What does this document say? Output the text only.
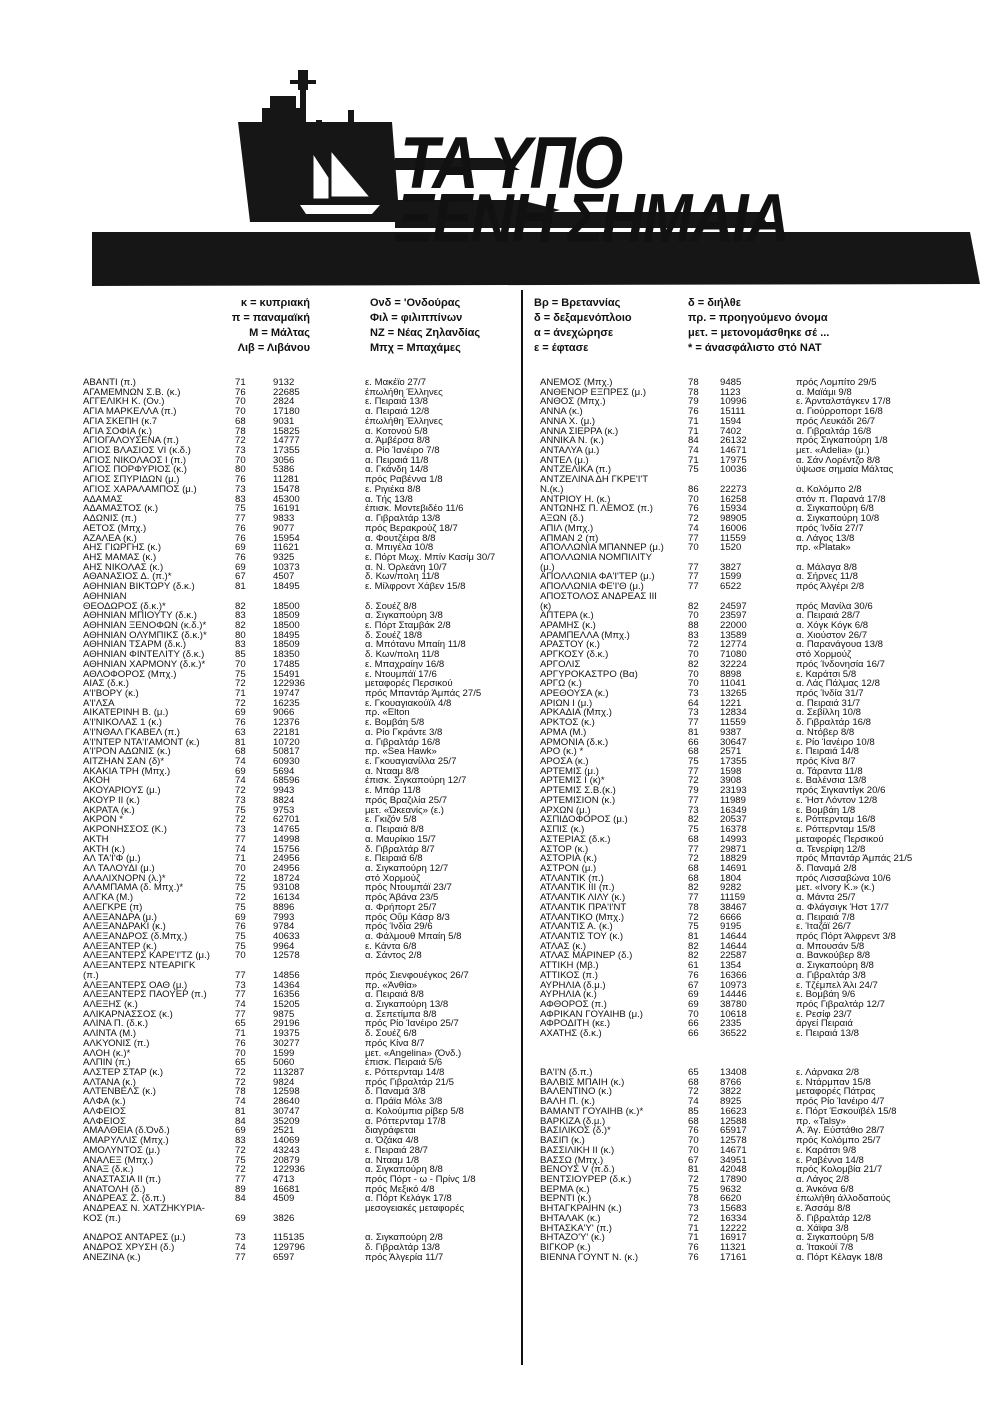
ΤΑ ΥΠΟ
ΞΕΝΗ ΣΗΜΑΙΑ
κ = κυπριακή
π = παναμαϊκή
Μ = Μάλτας
Λιβ = Λιβάνου
Ονδ = 'Ονδούρας
Φιλ = φιλιππίνων
ΝΖ = Νέας Ζηλανδίας
Μπχ = Μπαχάμες
Βρ = Βρεταννίας
δ = δεξαμενόπλοιο
α = άνεχώρησε
ε = έφτασε
δ = διήλθε
πρ. = προηγούμενο όνομα
μετ. = μετονομάσθηκε σέ ...
* = άνασφάλιστο στό ΝΑΤ
ΑΒΑΝΤΙ (π.)	71	9132	ε. Μακέϊο 27/7
ΑΓΑΜΕΜΝΩΝ Σ.Β. (κ.)	76	22685	έπωλήθη Έλληνες
ΑΓΓΕΛΙΚΗ Κ. (Ον.)	70	2824	ε. Πειραιά 13/8
ΑΓΙΑ ΜΑΡΚΕΛΛΑ (π.)	70	17180	α. Πειραιά 12/8
ΑΓΙΑ ΣΚΕΠΗ (κ.7	68	9031	έπωλήθη Έλληνες
ΑΓΙΑ ΣΟΦΙΑ (κ.)	78	15825	α. Κοτονού 5/8
ΑΓΙΟΓΑΛΟΥΣΕΝΑ (π.)	72	14777	α. Άμβέρσα 8/8
ΑΓΙΟΣ ΒΛΑΣΙΟΣ VI (κ.δ.)	73	17355	α. Ρίο Ίανέιρο 7/8
ΑΓΙΟΣ ΝΙΚΟΛΑΟΣ I (π.)	70	3056	α. Πειραιά 11/8
ΑΓΙΟΣ ΠΟΡΦΥΡΙΟΣ (κ.)	80	5386	α. Γκάνδη 14/8
ΑΓΙΟΣ ΣΠΥΡΙΔΩΝ (μ.)	76	11281	πρός Ραβέννα 1/8
ΑΓΙΟΣ ΧΑΡΑΛΑΜΠΟΣ (μ.)	73	15478	ε. Ριγιέκα 8/8
ΑΔΑΜΑΣ	83	45300	α. Τής 13/8
ΑΔΑΜΑΣΤΟΣ (κ.)	75	16191	έπισκ. Μοντεβιδέο 11/6
ΑΔΩΝΙΣ (π.)	77	9833	α. Γιβραλτάρ 13/8
ΑΕΤΟΣ (Μπχ.)	76	9077	πρός Βερακρούζ 18/7
ΑΖΑΛΕΑ (κ.)	76	15954	α. Φουτζέιρα 8/8
ΑΗΣ ΓΙΩΡΓΗΣ (κ.)	69	11621	α. Μπιγέλα 10/8
ΑΗΣ ΜΑΜΑΣ (κ.)	76	9325	ε. Πόρτ Μωχ. Μπίν Κασίμ 30/7
ΑΗΣ ΝΙΚΟΛΑΣ (κ.)	69	10373	α. Ν. Όρλεάνη 10/7
ΑΘΑΝΑΣΙΟΣ Δ. (π.)*	67	4507	δ. Κων/πολη 11/8
ΑΘΗΝΙΑΝ ΒΙΚΤΩΡΥ (δ.κ.)	81	18495	ε. Μίλφροντ Χάβεν 15/8
ΑΘΗΝΙΑΝ
ΘΕΟΔΩΡΟΣ (δ.κ.)*	82	18500	δ. Σουέζ 8/8
ΑΘΗΝΙΑΝ ΜΠΙΟΥΤΥ (δ.κ.)	83	18509	α. Σιγκαπούρη 3/8
ΑΘΗΝΙΑΝ ΞΕΝΟΦΩΝ (κ.δ.)*	82	18500	ε. Πόρτ Σταμβάκ 2/8
ΑΘΗΝΙΑΝ ΟΛΥΜΠΙΚΣ (δ.κ.)*	80	18495	δ. Σουέζ 18/8
ΑΘΗΝΙΑΝ ΤΣΑΡΜ (δ.κ.)	83	18509	α. Μπότανυ Μπαίη 11/8
ΑΘΗΝΙΑΝ ΦΙΝΤΕΛΙΤΥ (δ.κ.)	85	18350	δ. Κων/πολη 11/8
ΑΘΗΝΙΑΝ ΧΑΡΜΟΝΥ (δ.κ.)*	70	17485	ε. Μπαχραίην 16/8
ΑΘΛΟΦΟΡΟΣ (Μπχ.)	75	15491	ε. Ντουμπάϊ 17/6
ΑΙΑΣ (δ.κ.)	72	122936	μεταφορές Περσικού
Α'Ι'ΒΟΡΥ (κ.)	71	19747	πρός Μπαντάρ Άμπάς 27/5
Α'Ι'ΛΣΑ	72	16235	ε. Γκουαγιακούϊλ 4/8
ΑΙΚΑΤΕΡΙΝΗ Β. (μ.)	69	9066	πρ. «Elton
Α'Ι'ΝΙΚΟΛΑΣ 1 (κ.)	76	12376	ε. Βομβάη 5/8
Α'Ι'ΝΘΑΛ ΓΚΑΒΕΛ (π.)	63	22181	α. Ρίο Γκράντε 3/8
Α'Ι'ΝΤΕΡ ΝΤΑ'Ι'ΑΜΟΝΤ (κ.)	81	10720	α. Γιβραλτάρ 16/8
Α'Ι'ΡΟΝ ΑΔΩΝΙΣ (κ.)	68	50817	πρ. «Sea Hawk»
ΑΙΤΖΗΑΝ ΣΑΝ (δ)*	74	60930	ε. Γκουαγιανίλλα 25/7
ΑΚΑΚΙΑ ΤΡΗ (Μπχ.)	69	5694	α. Ντααμ 8/8
ΑΚΟΗ	74	68596	έπισκ. Σιγκαπούρη 12/7
ΑΚΟΥΑΡΙΟΥΣ (μ.)	72	9943	ε. Μπάρ 11/8
ΑΚΟΥΡ II (κ.)	73	8824	πρός Βραζιλία 25/7
ΑΚΡΑΤΑ (κ.)	75	9753	μετ. «Ώκεανίς» (ε.)
ΑΚΡΟΝ *	72	62701	ε. Γκιζόν 5/8
ΑΚΡΟΝΗΣΣΟΣ (Κ.)	73	14765	α. Πειραιά 8/8
ΑΚΤΗ	77	14998	α. Μαυρίκιο 15/7
ΑΚΤΗ (κ.)	74	15756	δ. Γιβραλτάρ 8/7
ΑΛ ΤΑ'Ι'Φ (μ.)	71	24956	ε. Πειραιά 6/8
ΑΛ ΤΑΛΟΥΔΙ (μ.)	70	24956	α. Σιγκαπούρη 12/7
ΑΛΑΛΙΧΝΟΡΝ (λ.)*	72	18724	στό Χορμούζ
ΑΛΑΜΠΑΜΑ (δ. Μπχ.)*	75	93108	πρός Ντουμπάϊ 23/7
ΑΛΓΚΑ (Μ.)	72	16134	πρός Άβάνα 23/5
ΑΛΕΓΚΡΕ (π)	75	8896	α. Φρήπορτ 25/7
ΑΛΕΞΑΝΔΡΑ (μ.)	69	7993	πρός Οΰμ Κάσρ 8/3
ΑΛΕΞΑΝΔΡΑΚΙ (κ.)	76	9784	πρός Ίνδία 29/6
ΑΛΕΞΑΝΔΡΟΣ (δ.Μπχ.)	75	40633	α. Φάλμουθ Μπαίη 5/8
ΑΛΕΞΑΝΤΕΡ (κ.)	75	9964	ε. Κάντα 6/8
ΑΛΕΞΑΝΤΕΡΣ ΚΑΡΕ'Ι'ΤΖ (μ.)	70	12578	α. Σάντος 2/8
ΑΛΕΞΑΝΤΕΡΣ ΝΤΕΑΡΙΓΚ
(π.)	77	14856	πρός Σιενφουέγκος 26/7
ΑΛΕΞΑΝΤΕΡΣ ΟΑΘ (μ.)	73	14364	πρ. «Άνθία»
ΑΛΕΞΑΝΤΕΡΣ ΠΑΟΥΕΡ (π.)	77	16356	α. Πειραιά 8/8
ΑΛΕΞΗΣ (κ.)	74	15205	α. Σιγκαπούρη 13/8
ΑΛΙΚΑΡΝΑΣΣΟΣ (κ.)	77	9875	α. Σεπετίμπα 8/8
ΑΛΙΝΑ Π. (δ.κ.)	65	29196	πρός Ρίο Ίανέιρο 25/7
ΑΛΙΝΤΑ (Μ.)	71	19375	δ. Σουέζ 6/8
ΑΛΚΥΟΝΙΣ (π.)	76	30277	πρός Κίνα 8/7
ΑΛΟΗ (κ.)*	70	1599	μετ. «Angelina» (Όνδ.)
ΑΛΠΙΝ (π.)	65	5060	έπισκ. Πειραιά 5/6
ΑΛΣΤΕΡ ΣΤΑΡ (κ.)	72	113287	ε. Ρόττερνταμ 14/8
ΑΛΤΑΝΑ (κ.)	72	9824	πρός Γιβραλτάρ 21/5
ΑΛΤΕΝΒΕΛΣ (κ.)	78	12598	δ. Παναμά 3/8
ΑΛΦΑ (κ.)	74	28640	α. Πράϊα Μόλε 3/8
ΑΛΦΕΙΟΣ	81	30747	α. Κολούμπια ρίβερ 5/8
ΑΛΦΕΙΟΣ	84	35209	α. Ρόττερνταμ 17/8
ΑΜΑΛΘΕΙΑ (δ.Όνδ.)	69	2521	διαγράφεται
ΑΜΑΡΥΛΛΙΣ (Μπχ.)	83	14069	α. Όζάκα 4/8
ΑΜΟΛΥΝΤΟΣ (μ.)	72	43243	ε. Πειραιά 28/7
ΑΝΑΛΕΞ (Μπχ.)	75	20879	α. Ντααμ 1/8
ΑΝΑΞ (δ.κ.)	72	122936	α. Σιγκαπούρη 8/8
ΑΝΑΣΤΑΣΙΑ II (π.)	77	4713	πρός Πόρτ - ω - Πρίνς 1/8
ΑΝΑΤΟΛΗ (δ.)	89	16681	πρός Μεξικό 4/8
ΑΝΔΡΕΑΣ Ζ. (δ.π.)	84	4509	α. Πόρτ Κελάγκ 17/8
ΑΝΔΡΕΑΣ Ν. ΧΑΤΖΗΚΥΡΙΑ-	μεσογειακές μεταφορές
ΚΟΣ (π.)	69	3826
ΑΝΔΡΟΣ ΑΝΤΑΡΕΣ (μ.)	73	115135	α. Σιγκαπούρη 2/8
ΑΝΔΡΟΣ ΧΡΥΣΗ (δ.)	74	129796	δ. Γιβραλτάρ 13/8
ΑΝΕΖΙΝΑ (κ.)	77	6597	πρός Άλγερία 11/7
ΑΝΕΜΟΣ (Μπχ.)	78 9485	πρός Λομπίτο 29/5
ΑΝΘΕΝΟΡ ΕΞΠΡΕΣ (μ.)	78 1123	α. Μαϊάμι 9/8
ΑΝΘΟΣ (Μπχ.)	79 10996	ε. Άρνταλστάγκεν 17/8
ΑΝΝΑ (κ.)	76 15111	α. Γιούρροπορτ 16/8
ΑΝΝΑ Χ. (μ.)	71 1594	πρός Λευκάδι 26/7
ΑΝΝΑ ΣΙΕΡΡΑ (κ.)	71 7402	α. Γιβραλτάρ 16/8
ΑΝΝΙΚΑ Ν. (κ.)	84 26132	πρός Σιγκαπούρη 1/8
ΑΝΤΑΛΥΑ (μ.)	74 14671	μετ. «Adelia» (μ.)
ΑΝΤΕΛ (μ.)	71 17975	α. Σάν Λορέντζο 8/8
ΑΝΤΖΕΛΙΚΑ (π.)	75 10036	ύψωσε σημαία Μάλτας
ΑΝΤΖΕΛΙΝΑ ΔΗ ΓΚΡΕ'Ι'Τ
Ν.(κ.)	86 22273	α. Κολόμπο 2/8
ΑΝΤΡΙΟΥ Η. (κ.)	70 16258	στόν π. Παρανά 17/8
ΑΝΤΩΝΗΣ Π. ΛΕΜΟΣ (π.)	76 15934	α. Σιγκαπούρη 6/8
ΑΞΩΝ (δ.)	72 98905	α. Σιγκαπούρη 10/8
ΑΠΙΛ (Μπχ.)	74 16006	πρός Ίνδία 27/7
ΑΠΜΑΝ 2 (π)	77 11559	α. Λάγος 13/8
ΑΠΟΛΛΩΝΙΑ ΜΠΑΝΝΕΡ (μ.)	70 1520	πρ. «Platak»
ΑΠΟΛΛΩΝΙΑ ΝΟΜΠΙΛΙΤΥ
(μ.)	77 3827	α. Μάλαγα 8/8
ΑΠΟΛΛΩΝΙΑ ΦΑ'Ι'ΤΕΡ (μ.)	77 1599	α. Σήρνες 11/8
ΑΠΟΛΛΩΝΙΑ ΦΕ'Ι'Θ (μ.)	77 6522	πρός Άλγέρι 2/8
ΑΠΟΣΤΟΛΟΣ ΑΝΔΡΕΑΣ III
(κ)	82 24597	πρός Μανίλα 30/6
ΑΠΤΕΡΑ (κ.)	70 23597	α. Πειραιά 28/7
ΑΡΑΜΗΣ (κ.)	88 22000	α. Χόγκ Κόγκ 6/8
ΑΡΑΜΠΕΛΛΑ (Μπχ.)	83 13589	α. Χιούστον 26/7
ΑΡΑΣΤΟΥ (κ.)	72 12774	α. Παρανάγουα 13/8
ΑΡΓΚΟΣΥ (δ.κ.)	70 71080	στό Χορμούζ
ΑΡΓΟΛΙΣ	82 32224	πρός Ίνδονησία 16/7
ΑΡΓΥΡΟΚΑΣΤΡΟ (Βα)	70 8898	ε. Καράτσι 5/8
ΑΡΓΩ (κ.)	70 11041	α. Λάς Πάλμας 12/8
ΑΡΕΘΟΥΣΑ (κ.)	73 13265	πρός Ίνδία 31/7
ΑΡΙΩΝ I (μ.)	64 1221	α. Πειραιά 31/7
ΑΡΚΑΔΙΑ (Μπχ.)	73 12834	α. Σεβίλλη 10/8
ΑΡΚΤΟΣ (κ.)	77 11559	δ. Γιβραλτάρ 16/8
ΑΡΜΑ (Μ.)	81 9387	α. Ντόβερ 8/8
ΑΡΜΟΝΙΑ (δ.κ.)	66 30647	ε. Ρίο Ίανέιρο 10/8
ΑΡΟ (κ.) *	68 2571	ε. Πειραιά 14/8
ΑΡΟΣΑ (κ.)	75 17355	πρός Κίνα 8/7
ΑΡΤΕΜΙΣ (μ.)	77 1598	α. Τάραντα 11/8
ΑΡΤΕΜΙΣ I (κ)*	72 3908	ε. Βαλένσια 13/8
ΑΡΤΕΜΙΣ Σ.Β.(κ.)	79 23193	πρός Σιγκαντίγκ 20/6
ΑΡΤΕΜΙΣΙΟΝ (κ.)	77 11989	ε. Ήστ Λόντον 12/8
ΑΡΧΩΝ (μ.)	73 16349	ε. Βομβάη 1/8
ΑΣΠΙΔΟΦΟΡΟΣ (μ.)	82 20537	ε. Ρόττερνταμ 16/8
ΑΣΠΙΣ (κ.)	75 16378	ε. Ρόττερνταμ 15/8
ΑΣΤΕΡΙΑΣ (δ.κ.)	68 14993	μεταφορές Περσικού
ΑΣΤΟΡ (κ.)	77 29871	α. Τενερίφη 12/8
ΑΣΤΟΡΙΑ (κ.)	72 18829	πρός Μπαντάρ Άμπάς 21/5
ΑΣΤΡΟΝ (μ.)	68 14691	δ. Παναμά 2/8
ΑΤΛΑΝΤΙΚ (π.)	68 1804	πρός Λισσαβώνα 10/6
ΑΤΛΑΝΤΙΚ III (π.)	82 9282	μετ. «Ivory K.» (κ.)
ΑΤΛΑΝΤΙΚ ΛΙΛΥ (κ.)	77 11159	α. Μάντα 25/7
ΑΤΛΑΝΤΙΚ ΠΡΑ'Ι'ΝΤ	78 38467	α. Φλάγσιγκ Ήστ 17/7
ΑΤΛΑΝΤΙΚΟ (Μπχ.)	72 6666	α. Πειραιά 7/8
ΑΤΛΑΝΤΙΣ Α. (κ.)	75 9195	ε. Ίταζάϊ 26/7
ΑΤΛΑΝΤΙΣ ΤΟΥ (κ.)	81 14644	πρός Πόρτ Άλφρεντ 3/8
ΑΤΛΑΣ (κ.)	82 14644	α. Μπουσάν 5/8
ΑΤΛΑΣ ΜΑΡΙΝΕΡ (δ.)	82 22587	α. Βανκούβερ 8/8
ΑΤΤΙΚΗ (Μβ.)	61 1354	α. Σιγκαπούρη 8/8
ΑΤΤΙΚΟΣ (π.)	76 16366	α. Γιβραλτάρ 3/8
ΑΥΡΗΛΙΑ (δ.μ.)	67 10973	ε. Τζέμπελ Άλι 24/7
ΑΥΡΗΛΙΑ (κ.)	69 14446	ε. Βομβάη 9/6
ΑΦΘΟΡΟΣ (π.)	69 38780	πρός Γιβραλτάρ 12/7
ΑΦΡΙΚΑΝ ΓΟΥΑΙΗΒ (μ.)	70 10618	ε. Ρεσίφ 23/7
ΑΦΡΟΔΙΤΗ (κε.)	66 2335	άργεί Πειραιά
ΑΧΑΤΗΣ (δ.κ.)	66 36522	ε. Πειραιά 13/8
ΒΑ'Ι'Ν (δ.π.)	65 13408	ε. Λάρνακα 2/8
ΒΑΛΒΙΣ ΜΠΑΙΗ (κ.)	68 8766	ε. Ντάρμπαν 15/8
ΒΑΛΕΝΤΙΝΟ (κ.)	72 3822	μεταφορές Πάτρας
ΒΑΛΗ Π. (κ.)	74 8925	πρός Ρίο Ίανέιρο 4/7
ΒΑΜΑΝΤ ΓΟΥΑΙΗΒ (κ.)*	85 16623	ε. Πόρτ Έσκουϊβέλ 15/8
ΒΑΡΚΙΖΑ (δ.μ.)	68 12588	πρ. «Talsy»
ΒΑΣΙΛΙΚΟΣ (δ.)*	76 65917	Α. Άγ. Εύστάθιο 28/7
ΒΑΣΙΠ (κ.)	70 12578	πρός Κολόμπο 25/7
ΒΑΣΣΙΛΙΚΗ II (κ.)	70 14671	ε. Καράτσι 9/8
ΒΑΣΣΩ (Μπχ.)	67 34951	ε. Ραβέννα 14/8
ΒΕΝΟΥΣ V (π.δ.)	81 42048	πρός Κολομβία 21/7
ΒΕΝΤΣΙΟΥΡΕΡ (δ.κ.)	72 17890	α. Λάγος 2/8
ΒΕΡΜΑ (κ.)	75 9632	α. Άνκόνα 6/8
ΒΕΡΝΤΙ (κ.)	78 6620	έπωλήθη άλλοδαπούς
ΒΗΤΑΓΚΡΑΙΗΝ (κ.)	73 15683	ε. Άσσάμ 8/8
ΒΗΤΑΛΑΚ (κ.)	72 16334	δ. Γιβραλτάρ 12/8
ΒΗΤΑΣΚΑ'Υ' (π.)	71 12222	α. Χάϊφα 3/8
ΒΗΤΑΖΟ'Υ' (κ.)	71 16917	α. Σιγκαπούρη 5/8
ΒΙΓΚΟΡ (κ.)	76 11321	α. Ίτακούϊ 7/8
ΒΙΕΝΝΑ ΓΟΥΝΤ Ν. (κ.)	76 17161	α. Πόρτ Κέλαγκ 18/8
